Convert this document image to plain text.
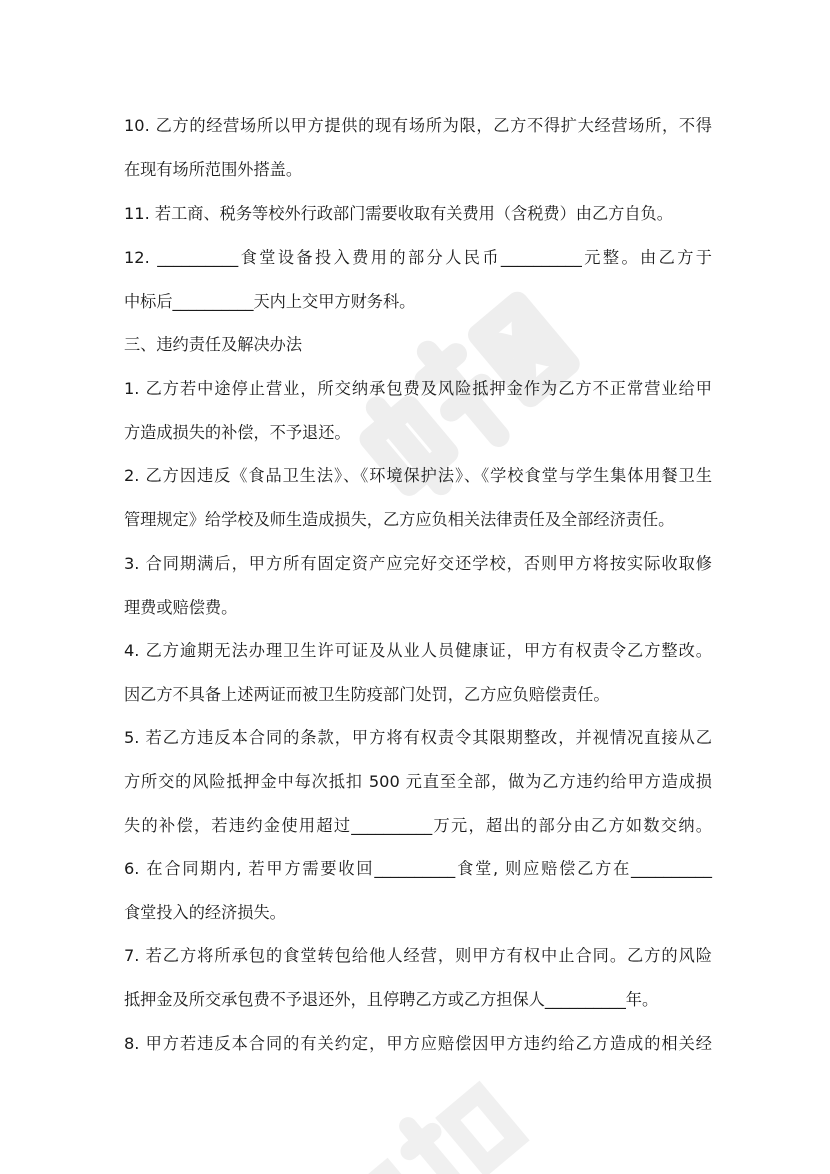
10. 乙方的经营场所以甲方提供的现有场所为限，乙方不得扩大经营场所，不得
在现有场所范围外搭盖。
11. 若工商、税务等校外行政部门需要收取有关费用（含税费）由乙方自负。
12. __________食堂设备投入费用的部分人民币__________元整。由乙方于
中标后__________天内上交甲方财务科。
三、违约责任及解决办法
1. 乙方若中途停止营业，所交纳承包费及风险抵押金作为乙方不正常营业给甲
方造成损失的补偿，不予退还。
2. 乙方因违反《食品卫生法》、《环境保护法》、《学校食堂与学生集体用餐卫生
管理规定》给学校及师生造成损失，乙方应负相关法律责任及全部经济责任。
3. 合同期满后，甲方所有固定资产应完好交还学校，否则甲方将按实际收取修
理费或赔偿费。
4. 乙方逾期无法办理卫生许可证及从业人员健康证，甲方有权责令乙方整改。
因乙方不具备上述两证而被卫生防疫部门处罚，乙方应负赔偿责任。
5. 若乙方违反本合同的条款，甲方将有权责令其限期整改，并视情况直接从乙
方所交的风险抵押金中每次抵扣 500 元直至全部，做为乙方违约给甲方造成损
失的补偿，若违约金使用超过__________万元，超出的部分由乙方如数交纳。
6. 在合同期内, 若甲方需要收回__________食堂, 则应赔偿乙方在__________
食堂投入的经济损失。
7. 若乙方将所承包的食堂转包给他人经营，则甲方有权中止合同。乙方的风险
抵押金及所交承包费不予退还外，且停聘乙方或乙方担保人__________年。
8. 甲方若违反本合同的有关约定，甲方应赔偿因甲方违约给乙方造成的相关经
